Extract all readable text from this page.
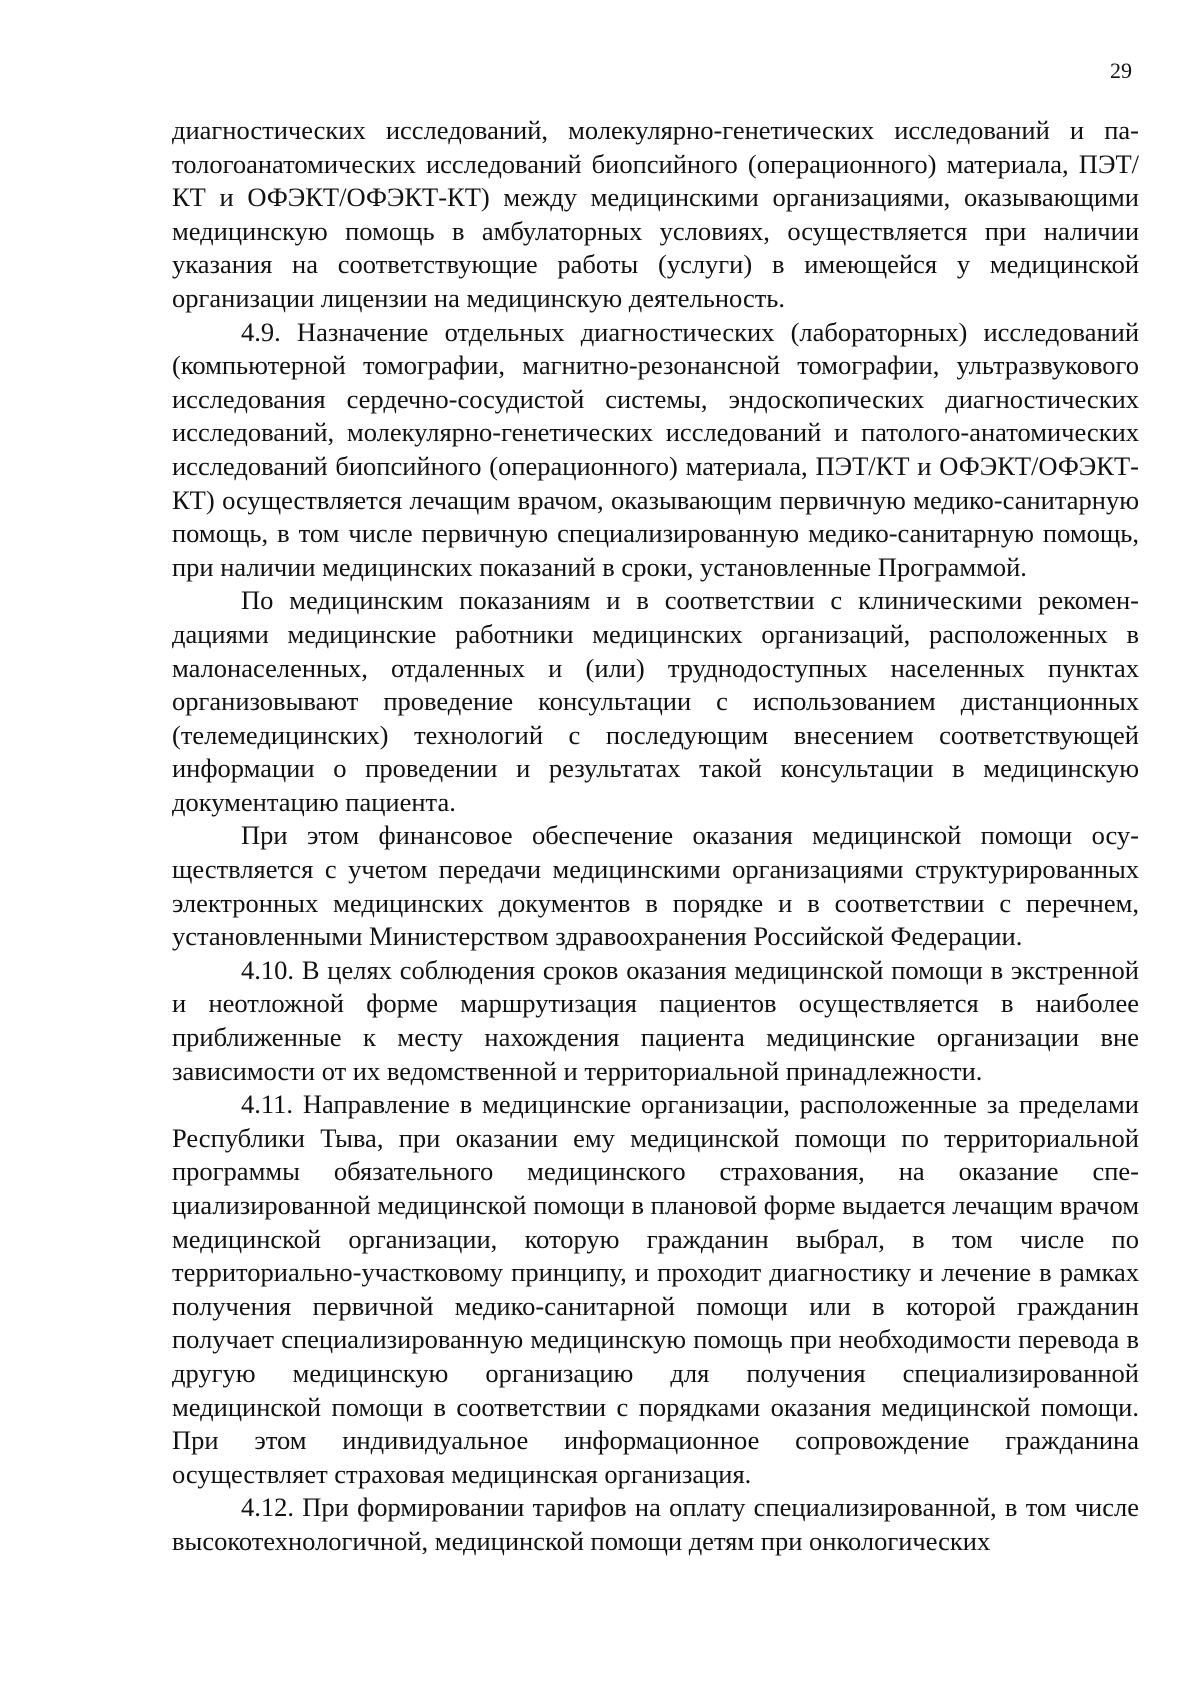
29

диагностических исследований, молекулярно-генетических исследований и патологоанатомических исследований биопсийного (операционного) материала, ПЭТ/КТ и ОФЭКТ/ОФЭКТ-КТ) между медицинскими организациями, оказывающими медицинскую помощь в амбулаторных условиях, осуществляется при наличии указания на соответствующие работы (услуги) в имеющейся у медицинской организации лицензии на медицинскую деятельность.

4.9. Назначение отдельных диагностических (лабораторных) исследований (компьютерной томографии, магнитно-резонансной томографии, ультразвукового исследования сердечно-сосудистой системы, эндоскопических диагностических исследований, молекулярно-генетических исследований и патолого-анатомических исследований биопсийного (операционного) материала, ПЭТ/КТ и ОФЭКТ/ОФЭКТ-КТ) осуществляется лечащим врачом, оказывающим первичную медико-санитарную помощь, в том числе первичную специализированную медико-санитарную помощь, при наличии медицинских показаний в сроки, установленные Программой.

По медицинским показаниям и в соответствии с клиническими рекомендациями медицинские работники медицинских организаций, расположенных в малонаселенных, отдаленных и (или) труднодоступных населенных пунктах организовывают проведение консультации с использованием дистанционных (телемедицинских) технологий с последующим внесением соответствующей информации о проведении и результатах такой консультации в медицинскую документацию пациента.

При этом финансовое обеспечение оказания медицинской помощи осуществляется с учетом передачи медицинскими организациями структурированных электронных медицинских документов в порядке и в соответствии с перечнем, установленными Министерством здравоохранения Российской Федерации.

4.10. В целях соблюдения сроков оказания медицинской помощи в экстренной и неотложной форме маршрутизация пациентов осуществляется в наиболее приближенные к месту нахождения пациента медицинские организации вне зависимости от их ведомственной и территориальной принадлежности.

4.11. Направление в медицинские организации, расположенные за пределами Республики Тыва, при оказании ему медицинской помощи по территориальной программы обязательного медицинского страхования, на оказание специализированной медицинской помощи в плановой форме выдается лечащим врачом медицинской организации, которую гражданин выбрал, в том числе по территориально-участковому принципу, и проходит диагностику и лечение в рамках получения первичной медико-санитарной помощи или в которой гражданин получает специализированную медицинскую помощь при необходимости перевода в другую медицинскую организацию для получения специализированной медицинской помощи в соответствии с порядками оказания медицинской помощи. При этом индивидуальное информационное сопровождение гражданина осуществляет страховая медицинская организация.

4.12. При формировании тарифов на оплату специализированной, в том числе высокотехнологичной, медицинской помощи детям при онкологических
